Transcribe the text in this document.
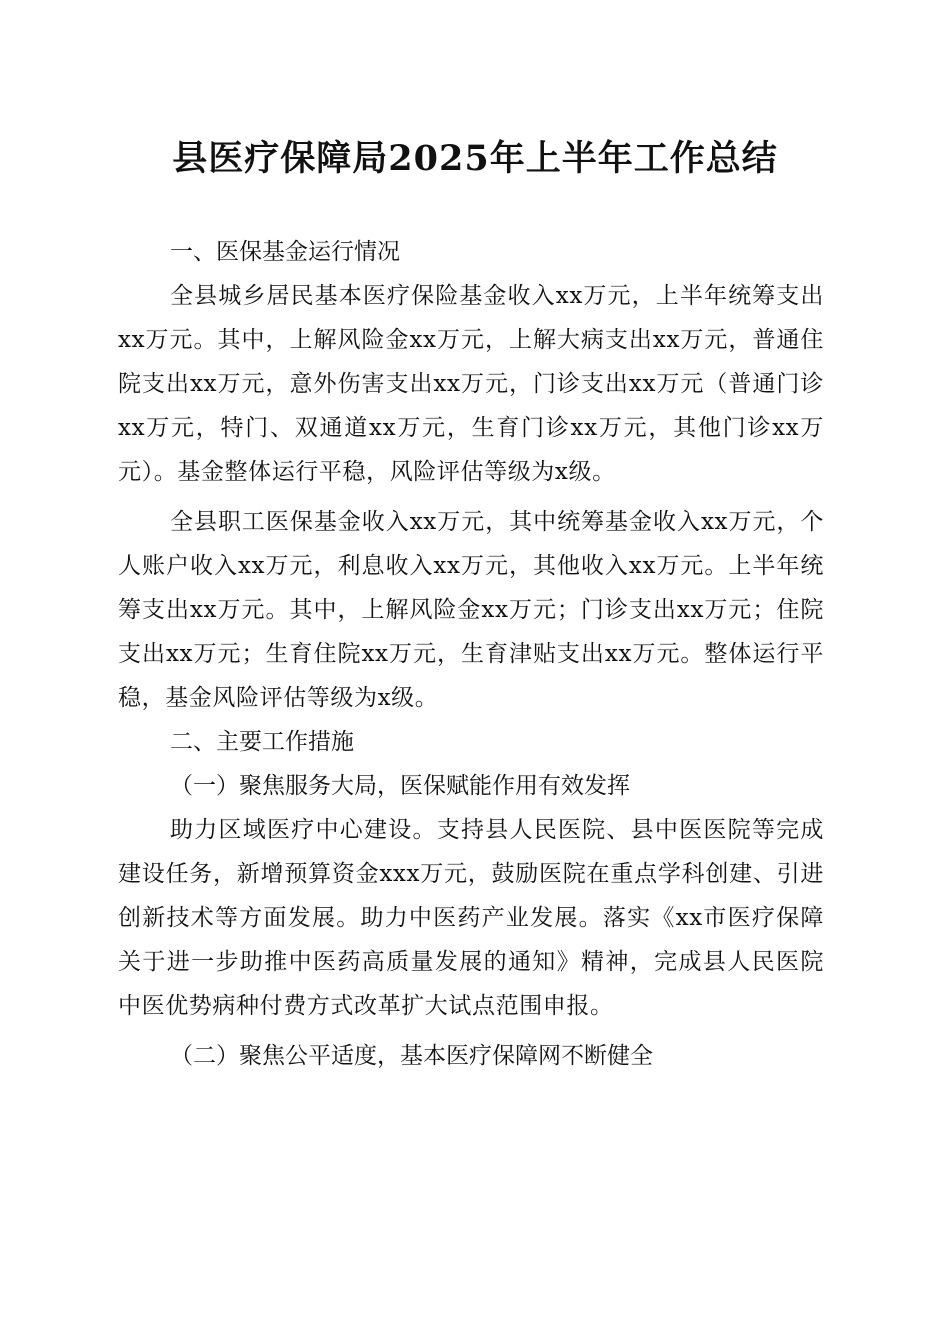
县医疗保障局2025年上半年工作总结

一、医保基金运行情况

全县城乡居民基本医疗保险基金收入xx万元，上半年统筹支出xx万元。其中，上解风险金xx万元，上解大病支出xx万元，普通住院支出xx万元，意外伤害支出xx万元，门诊支出xx万元（普通门诊xx万元，特门、双通道xx万元，生育门诊xx万元，其他门诊xx万元）。基金整体运行平稳，风险评估等级为x级。

全县职工医保基金收入xx万元，其中统筹基金收入xx万元，个人账户收入xx万元，利息收入xx万元，其他收入xx万元。上半年统筹支出xx万元。其中，上解风险金xx万元；门诊支出xx万元；住院支出xx万元；生育住院xx万元，生育津贴支出xx万元。整体运行平稳，基金风险评估等级为x级。

二、主要工作措施

（一）聚焦服务大局，医保赋能作用有效发挥

助力区域医疗中心建设。支持县人民医院、县中医医院等完成建设任务，新增预算资金xxx万元，鼓励医院在重点学科创建、引进创新技术等方面发展。助力中医药产业发展。落实《xx市医疗保障关于进一步助推中医药高质量发展的通知》精神，完成县人民医院中医优势病种付费方式改革扩大试点范围申报。

（二）聚焦公平适度，基本医疗保障网不断健全
